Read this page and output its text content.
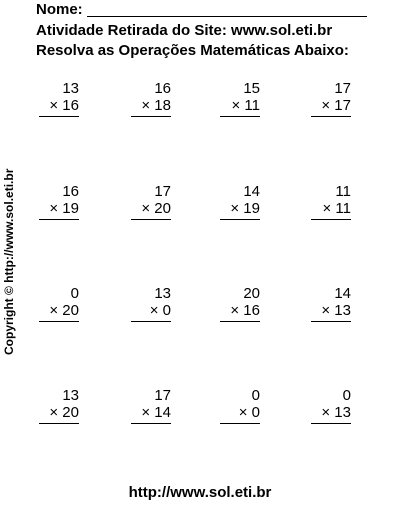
Nome:
Atividade Retirada do Site: www.sol.eti.br
Resolva as Operações Matemáticas Abaixo:
Copyright © http://www.sol.eti.br
13
× 16
16
× 18
15
× 11
17
× 17
16
× 19
17
× 20
14
× 19
11
× 11
0
× 20
13
× 0
20
× 16
14
× 13
13
× 20
17
× 14
0
× 0
0
× 13
http://www.sol.eti.br
